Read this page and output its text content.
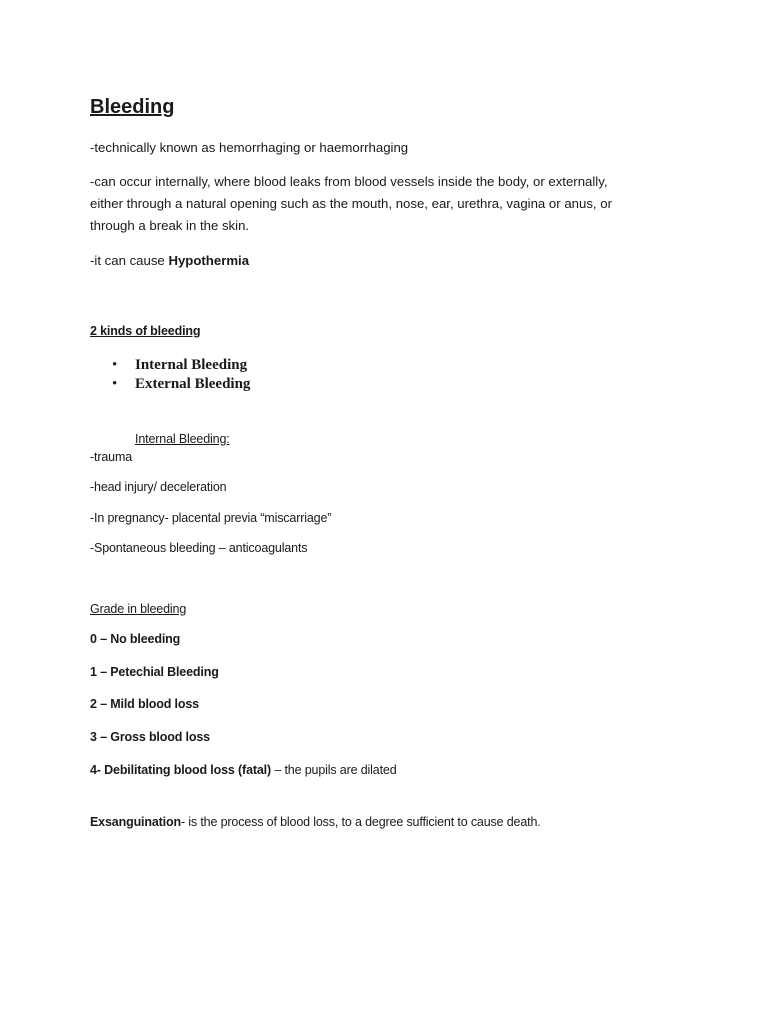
Bleeding
-technically known as hemorrhaging or haemorrhaging
-can occur internally, where blood leaks from blood vessels inside the body, or externally,
either through a natural opening such as the mouth, nose, ear, urethra, vagina or anus, or
through a break in the skin.
-it can cause Hypothermia
2 kinds of bleeding
• Internal Bleeding
• External Bleeding
Internal Bleeding:
-trauma
-head injury/ deceleration
-In pregnancy- placental previa “miscarriage”
-Spontaneous bleeding – anticoagulants
Grade in bleeding
0 – No bleeding
1 – Petechial Bleeding
2 – Mild blood loss
3 – Gross blood loss
4- Debilitating blood loss (fatal) – the pupils are dilated
Exsanguination- is the process of blood loss, to a degree sufficient to cause death.
